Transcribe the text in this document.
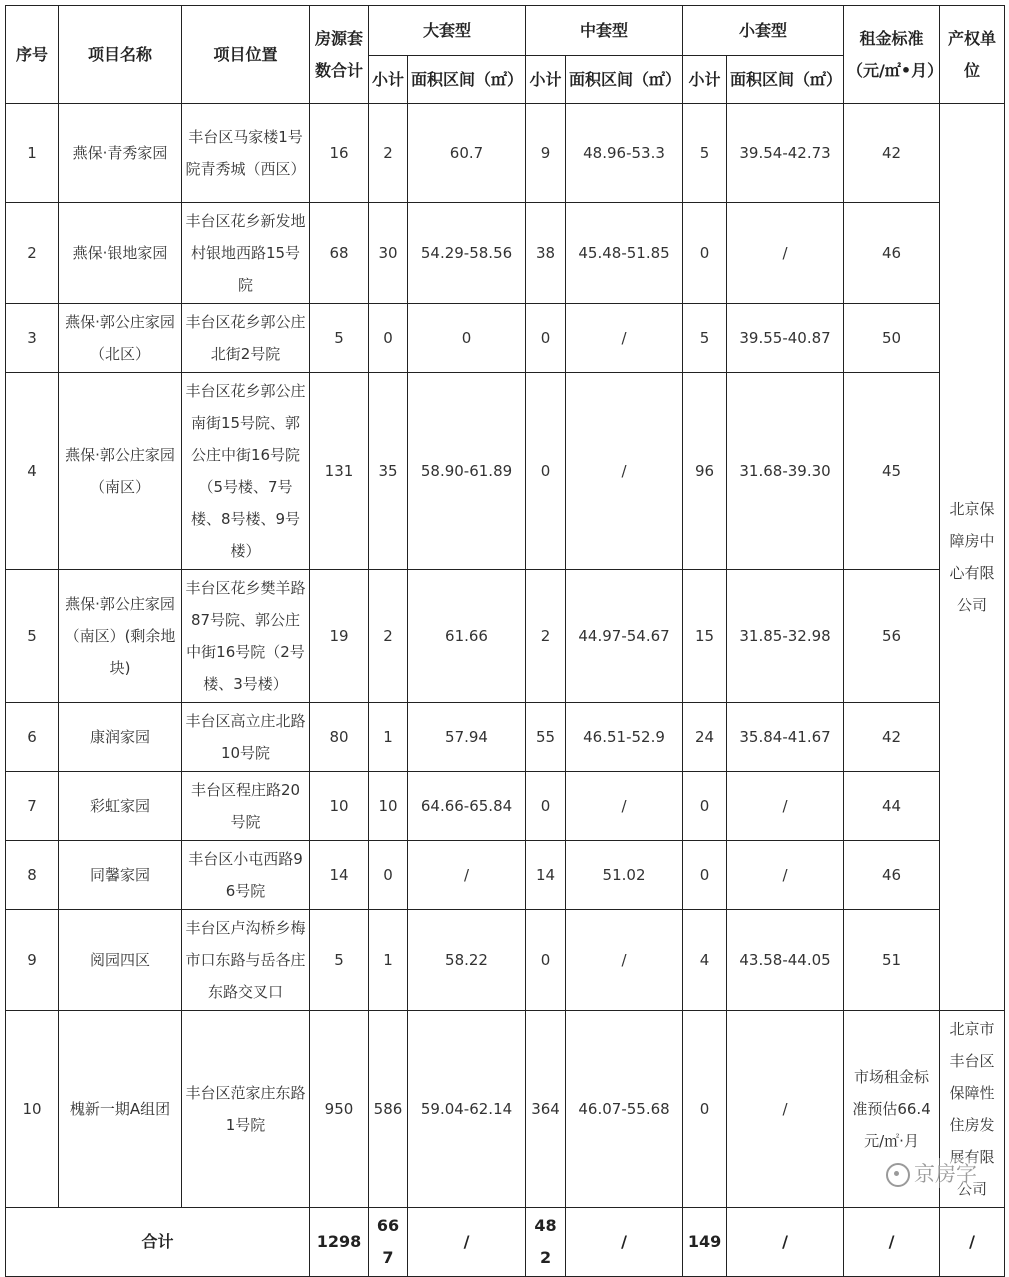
序号	项目名称	项目位置	房源套数合计	大套型		中套型		小套型		租金标准（元/㎡•月）	产权单位
				小计	面积区间（㎡）	小计	面积区间（㎡）	小计	面积区间（㎡）		
1	燕保·青秀家园	丰台区马家楼1号院青秀城（西区）	16	2	60.7	9	48.96-53.3	5	39.54-42.73	42	北京保障房中心有限公司
2	燕保·银地家园	丰台区花乡新发地村银地西路15号院	68	30	54.29-58.56	38	45.48-51.85	0	/	46	
3	燕保·郭公庄家园（北区）	丰台区花乡郭公庄北街2号院	5	0	0	0	/	5	39.55-40.87	50	
4	燕保·郭公庄家园（南区）	丰台区花乡郭公庄南街15号院、郭公庄中街16号院（5号楼、7号楼、8号楼、9号楼）	131	35	58.90-61.89	0	/	96	31.68-39.30	45	
5	燕保·郭公庄家园（南区）(剩余地块)	丰台区花乡樊羊路87号院、郭公庄中街16号院（2号楼、3号楼）	19	2	61.66	2	44.97-54.67	15	31.85-32.98	56	
6	康润家园	丰台区高立庄北路10号院	80	1	57.94	55	46.51-52.9	24	35.84-41.67	42	
7	彩虹家园	丰台区程庄路20号院	10	10	64.66-65.84	0	/	0	/	44	
8	同馨家园	丰台区小屯西路96号院	14	0	/	14	51.02	0	/	46	
9	阅园四区	丰台区卢沟桥乡梅市口东路与岳各庄东路交叉口	5	1	58.22	0	/	4	43.58-44.05	51	
10	槐新一期A组团	丰台区范家庄东路1号院	950	586	59.04-62.14	364	46.07-55.68	0	/	市场租金标准预估66.4元/㎡·月	北京市丰台区保障性住房发展有限公司
合计			1298	667	/	482	/	149	/	/	/
京房字
